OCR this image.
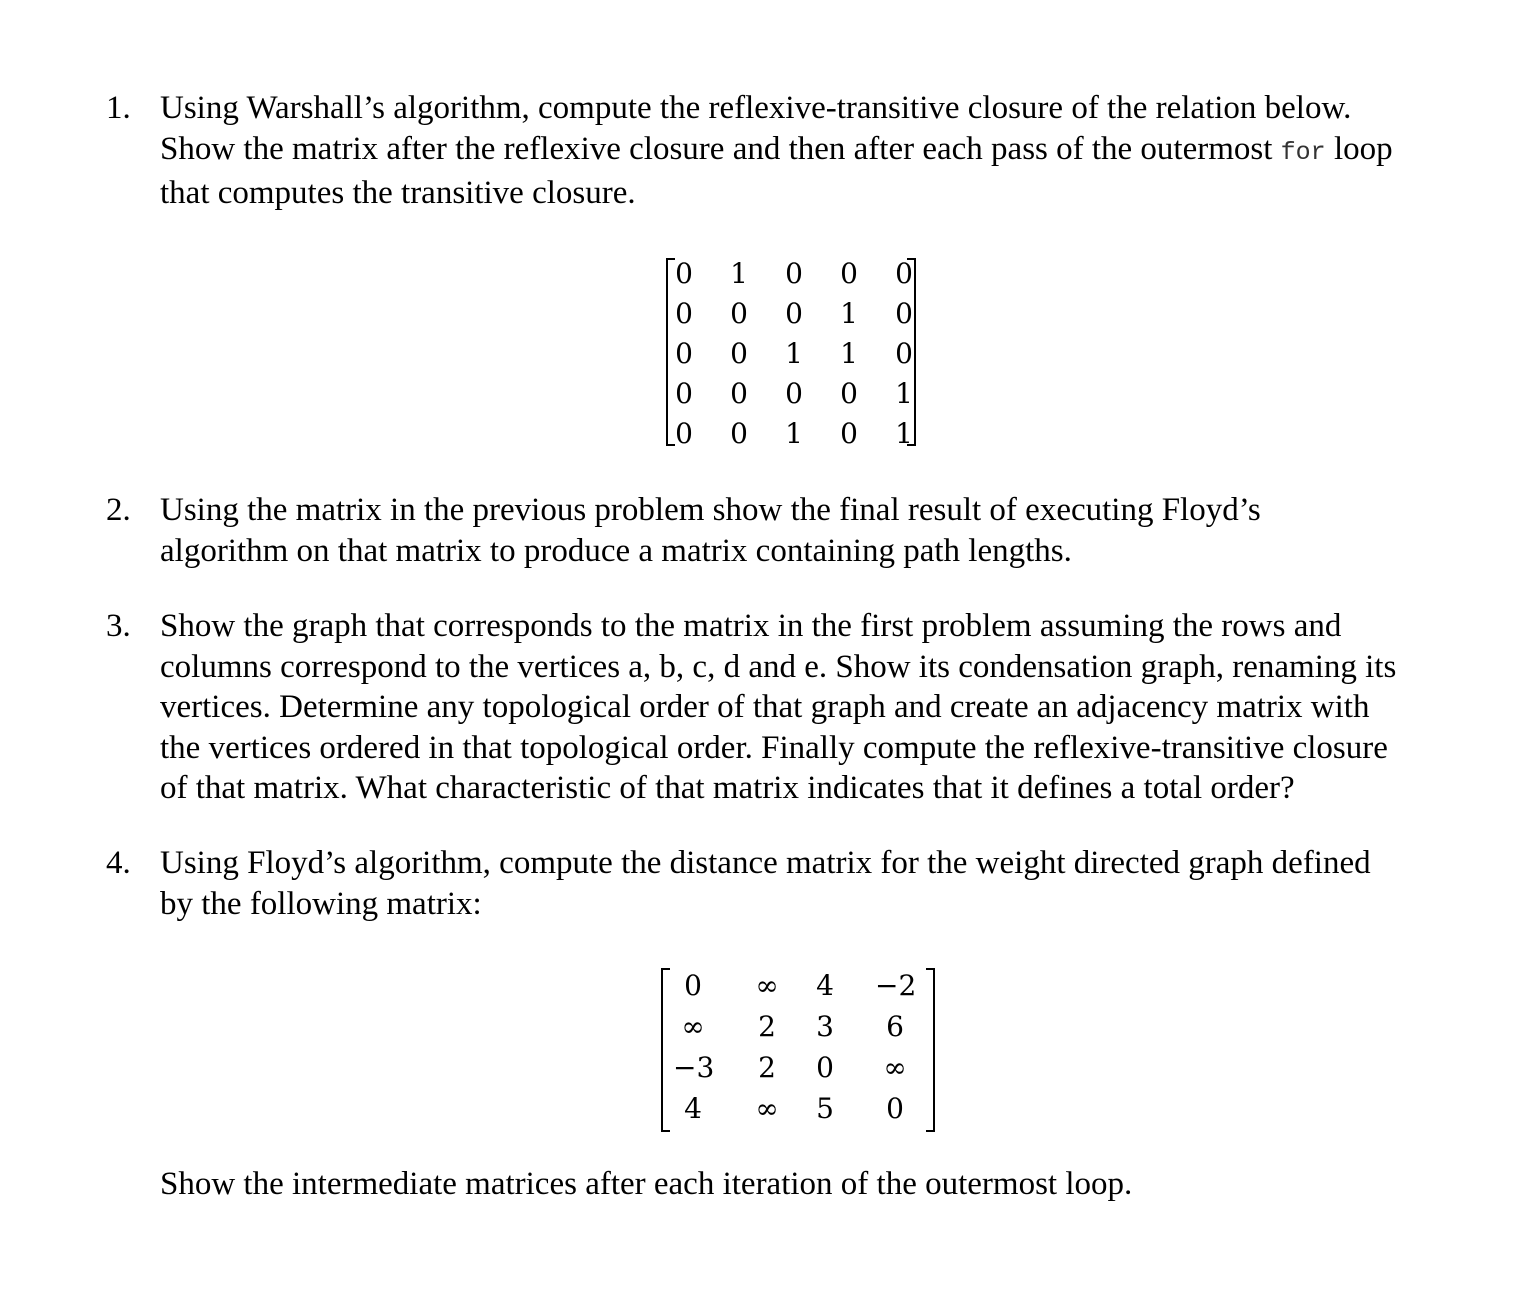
1. Using Warshall’s algorithm, compute the reflexive-transitive closure of the relation below.
Show the matrix after the reflexive closure and then after each pass of the outermost for loop
that computes the transitive closure.
0	1	0	0	0
0	0	0	1	0
0	0	1	1	0
0	0	0	0	1
0	0	1	0	1
2. Using the matrix in the previous problem show the final result of executing Floyd’s
algorithm on that matrix to produce a matrix containing path lengths.
3. Show the graph that corresponds to the matrix in the first problem assuming the rows and
columns correspond to the vertices a, b, c, d and e. Show its condensation graph, renaming its
vertices. Determine any topological order of that graph and create an adjacency matrix with
the vertices ordered in that topological order. Finally compute the reflexive-transitive closure
of that matrix. What characteristic of that matrix indicates that it defines a total order?
4. Using Floyd’s algorithm, compute the distance matrix for the weight directed graph defined
by the following matrix:
0	∞	4	−2
∞	2	3	6
−3	2	0	∞
4	∞	5	0
Show the intermediate matrices after each iteration of the outermost loop.
